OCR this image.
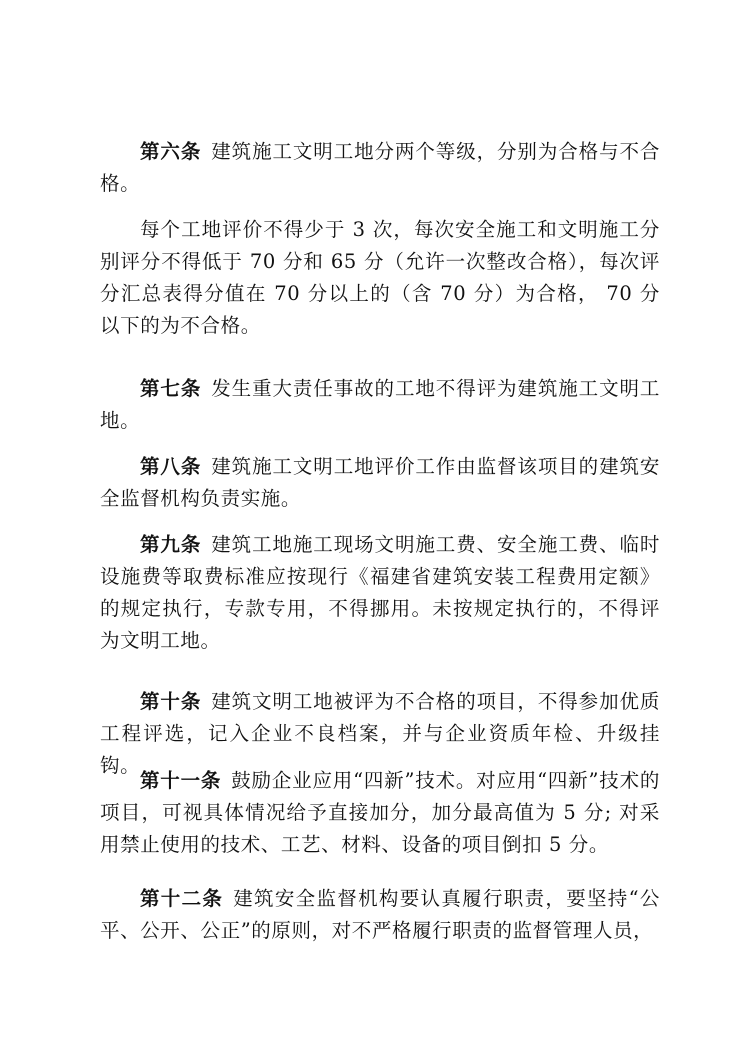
第六条 建筑施工文明工地分两个等级，分别为合格与不合格。

每个工地评价不得少于 3 次，每次安全施工和文明施工分别评分不得低于 70 分和 65 分（允许一次整改合格），每次评分汇总表得分值在 70 分以上的（含 70 分）为合格， 70 分以下的为不合格。

第七条 发生重大责任事故的工地不得评为建筑施工文明工地。

第八条 建筑施工文明工地评价工作由监督该项目的建筑安全监督机构负责实施。

第九条 建筑工地施工现场文明施工费、安全施工费、临时设施费等取费标准应按现行《福建省建筑安装工程费用定额》的规定执行，专款专用，不得挪用。未按规定执行的，不得评为文明工地。

第十条 建筑文明工地被评为不合格的项目，不得参加优质工程评选，记入企业不良档案，并与企业资质年检、升级挂钩。

第十一条 鼓励企业应用“四新”技术。对应用“四新”技术的项目，可视具体情况给予直接加分，加分最高值为 5 分; 对采用禁止使用的技术、工艺、材料、设备的项目倒扣 5 分。

第十二条 建筑安全监督机构要认真履行职责，要坚持“公平、公开、公正”的原则，对不严格履行职责的监督管理人员，
